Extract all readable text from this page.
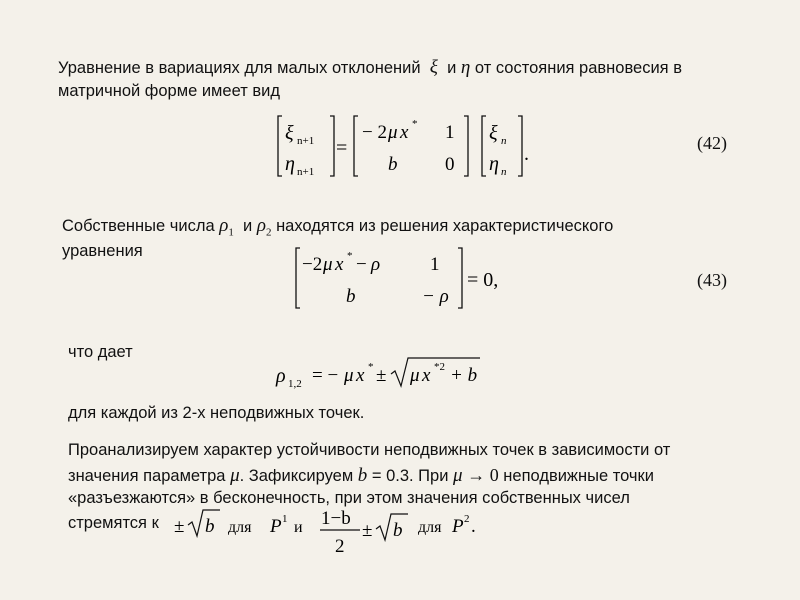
Уравнение в вариациях для малых отклонений ξ и η от состояния равновесия в
матричной форме имеет вид
ξ n+1
η n+1
=
− 2 μ x * 1
b	0
ξ n
η n
.	(42)
Собственные числа $\rho_1$ и $\rho_2$ находятся из решения характеристического
уравнения
−2 μ x * − ρ	1
b	− ρ
= 0,	(43)
что дает
ρ 1,2 = − μ x * ± μ x *2 + b
для каждой из 2-х неподвижных точек.
Проанализируем характер устойчивости неподвижных точек в зависимости от
значения параметра μ. Зафиксируем b = 0.3. При μ → 0 неподвижные точки
«разъезжаются» в бесконечность, при этом значения собственных чисел
стремятся к ± b для P 1 и 1−b
2
± b для P 2 .
